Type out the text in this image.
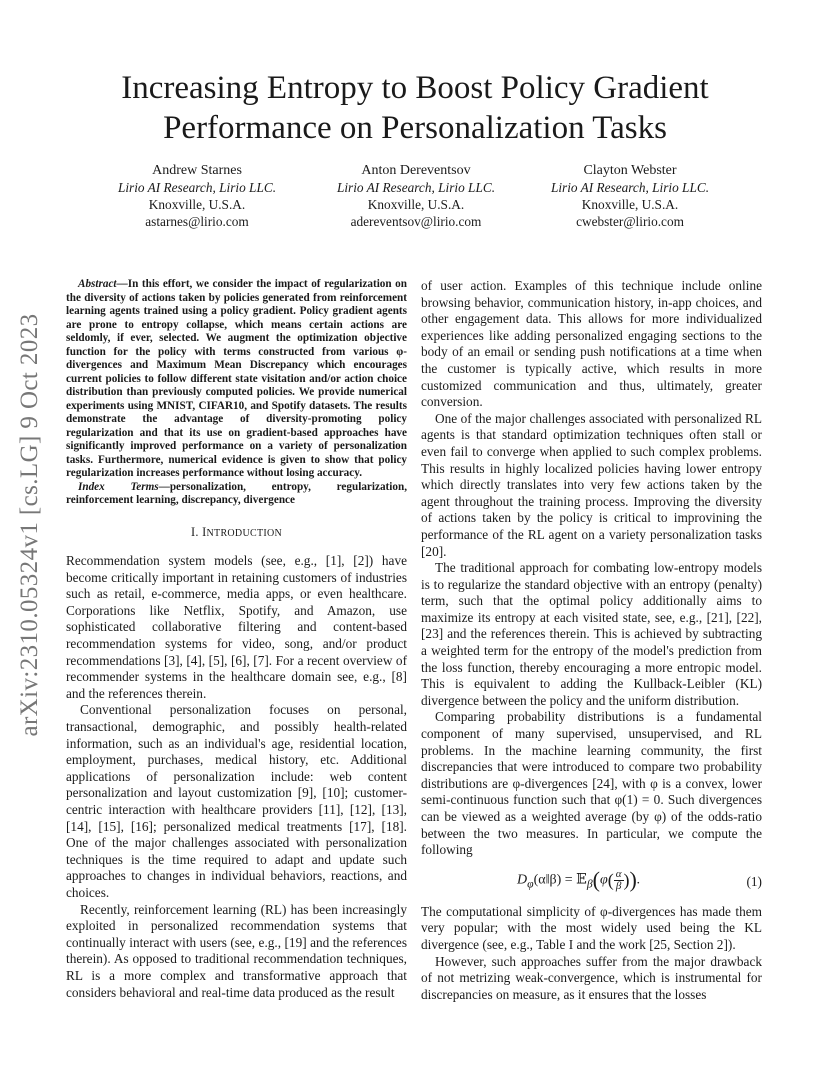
arXiv:2310.05324v1 [cs.LG] 9 Oct 2023
Increasing Entropy to Boost Policy Gradient
Performance on Personalization Tasks
Andrew Starnes
Lirio AI Research, Lirio LLC.
Knoxville, U.S.A.
astarnes@lirio.com
Anton Dereventsov
Lirio AI Research, Lirio LLC.
Knoxville, U.S.A.
adereventsov@lirio.com
Clayton Webster
Lirio AI Research, Lirio LLC.
Knoxville, U.S.A.
cwebster@lirio.com

Abstract—In this effort, we consider the impact of regularization on the diversity of actions taken by policies generated from reinforcement learning agents trained using a policy gradient. Policy gradient agents are prone to entropy collapse, which means certain actions are seldomly, if ever, selected. We augment the optimization objective function for the policy with terms constructed from various φ-divergences and Maximum Mean Discrepancy which encourages current policies to follow different state visitation and/or action choice distribution than previously computed policies. We provide numerical experiments using MNIST, CIFAR10, and Spotify datasets. The results demonstrate the advantage of diversity-promoting policy regularization and that its use on gradient-based approaches have significantly improved performance on a variety of personalization tasks. Furthermore, numerical evidence is given to show that policy regularization increases performance without losing accuracy.

Index Terms—personalization, entropy, regularization, reinforcement learning, discrepancy, divergence

I. INTRODUCTION

Recommendation system models (see, e.g., [1], [2]) have become critically important in retaining customers of industries such as retail, e-commerce, media apps, or even healthcare. Corporations like Netflix, Spotify, and Amazon, use sophisticated collaborative filtering and content-based recommendation systems for video, song, and/or product recommendations [3], [4], [5], [6], [7]. For a recent overview of recommender systems in the healthcare domain see, e.g., [8] and the references therein.

Conventional personalization focuses on personal, transactional, demographic, and possibly health-related information, such as an individual's age, residential location, employment, purchases, medical history, etc. Additional applications of personalization include: web content personalization and layout customization [9], [10]; customer-centric interaction with healthcare providers [11], [12], [13], [14], [15], [16]; personalized medical treatments [17], [18]. One of the major challenges associated with personalization techniques is the time required to adapt and update such approaches to changes in individual behaviors, reactions, and choices.

Recently, reinforcement learning (RL) has been increasingly exploited in personalized recommendation systems that continually interact with users (see, e.g., [19] and the references therein). As opposed to traditional recommendation techniques, RL is a more complex and transformative approach that considers behavioral and real-time data produced as the result

of user action. Examples of this technique include online browsing behavior, communication history, in-app choices, and other engagement data. This allows for more individualized experiences like adding personalized engaging sections to the body of an email or sending push notifications at a time when the customer is typically active, which results in more customized communication and thus, ultimately, greater conversion.

One of the major challenges associated with personalized RL agents is that standard optimization techniques often stall or even fail to converge when applied to such complex problems. This results in highly localized policies having lower entropy which directly translates into very few actions taken by the agent throughout the training process. Improving the diversity of actions taken by the policy is critical to improvining the performance of the RL agent on a variety personalization tasks [20].

The traditional approach for combating low-entropy models is to regularize the standard objective with an entropy (penalty) term, such that the optimal policy additionally aims to maximize its entropy at each visited state, see, e.g., [21], [22], [23] and the references therein. This is achieved by subtracting a weighted term for the entropy of the model's prediction from the loss function, thereby encouraging a more entropic model. This is equivalent to adding the Kullback-Leibler (KL) divergence between the policy and the uniform distribution.

Comparing probability distributions is a fundamental component of many supervised, unsupervised, and RL problems. In the machine learning community, the first discrepancies that were introduced to compare two probability distributions are φ-divergences [24], with φ is a convex, lower semi-continuous function such that φ(1) = 0. Such divergences can be viewed as a weighted average (by φ) of the odds-ratio between the two measures. In particular, we compute the following

$D_\varphi(\alpha‖\beta)$ = 𝔼$_\beta$(φ( $\frac{\alpha}{\beta}$ )).	(1)

The computational simplicity of φ-divergences has made them very popular; with the most widely used being the KL divergence (see, e.g., Table I and the work [25, Section 2]).

However, such approaches suffer from the major drawback of not metrizing weak-convergence, which is instrumental for discrepancies on measure, as it ensures that the losses
